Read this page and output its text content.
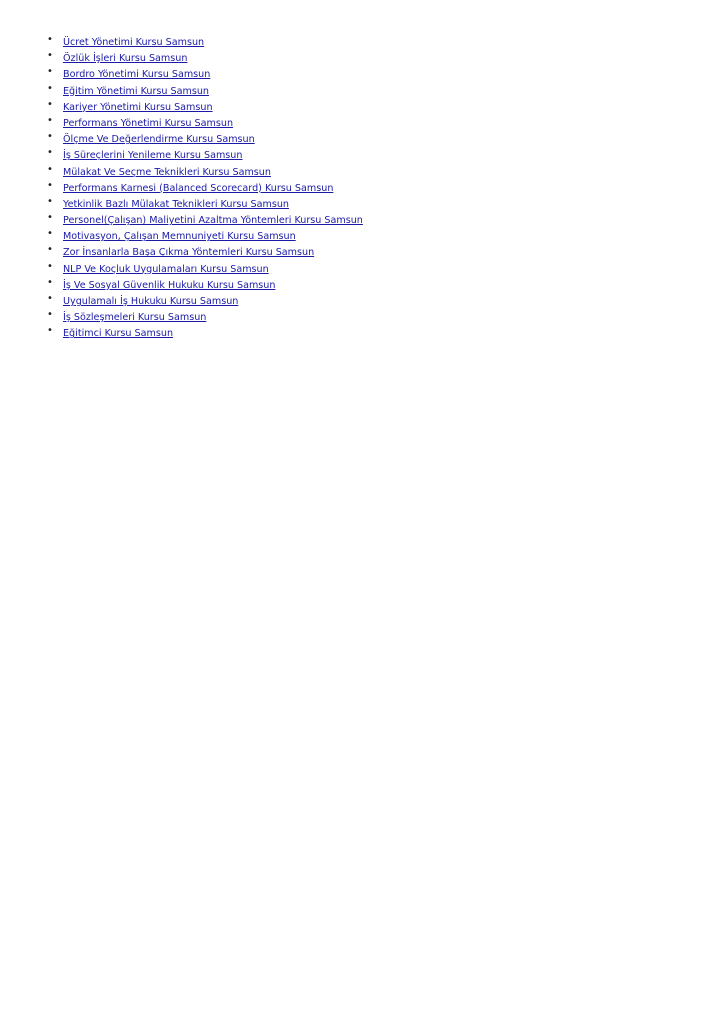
•	Ücret Yönetimi Kursu Samsun
•	Özlük İşleri Kursu Samsun
•	Bordro Yönetimi Kursu Samsun
•	Eğitim Yönetimi Kursu Samsun
•	Kariyer Yönetimi Kursu Samsun
•	Performans Yönetimi Kursu Samsun
•	Ölçme Ve Değerlendirme Kursu Samsun
•	İş Süreçlerini Yenileme Kursu Samsun
•	Mülakat Ve Seçme Teknikleri Kursu Samsun
•	Performans Karnesi (Balanced Scorecard) Kursu Samsun
•	Yetkinlik Bazlı Mülakat Teknikleri Kursu Samsun
•	Personel(Çalışan) Maliyetini Azaltma Yöntemleri Kursu Samsun
•	Motivasyon, Çalışan Memnuniyeti Kursu Samsun
•	Zor İnsanlarla Başa Çıkma Yöntemleri Kursu Samsun
•	NLP Ve Koçluk Uygulamaları Kursu Samsun
•	İş Ve Sosyal Güvenlik Hukuku Kursu Samsun
•	Uygulamalı İş Hukuku Kursu Samsun
•	İş Sözleşmeleri Kursu Samsun
•	Eğitimci Kursu Samsun
